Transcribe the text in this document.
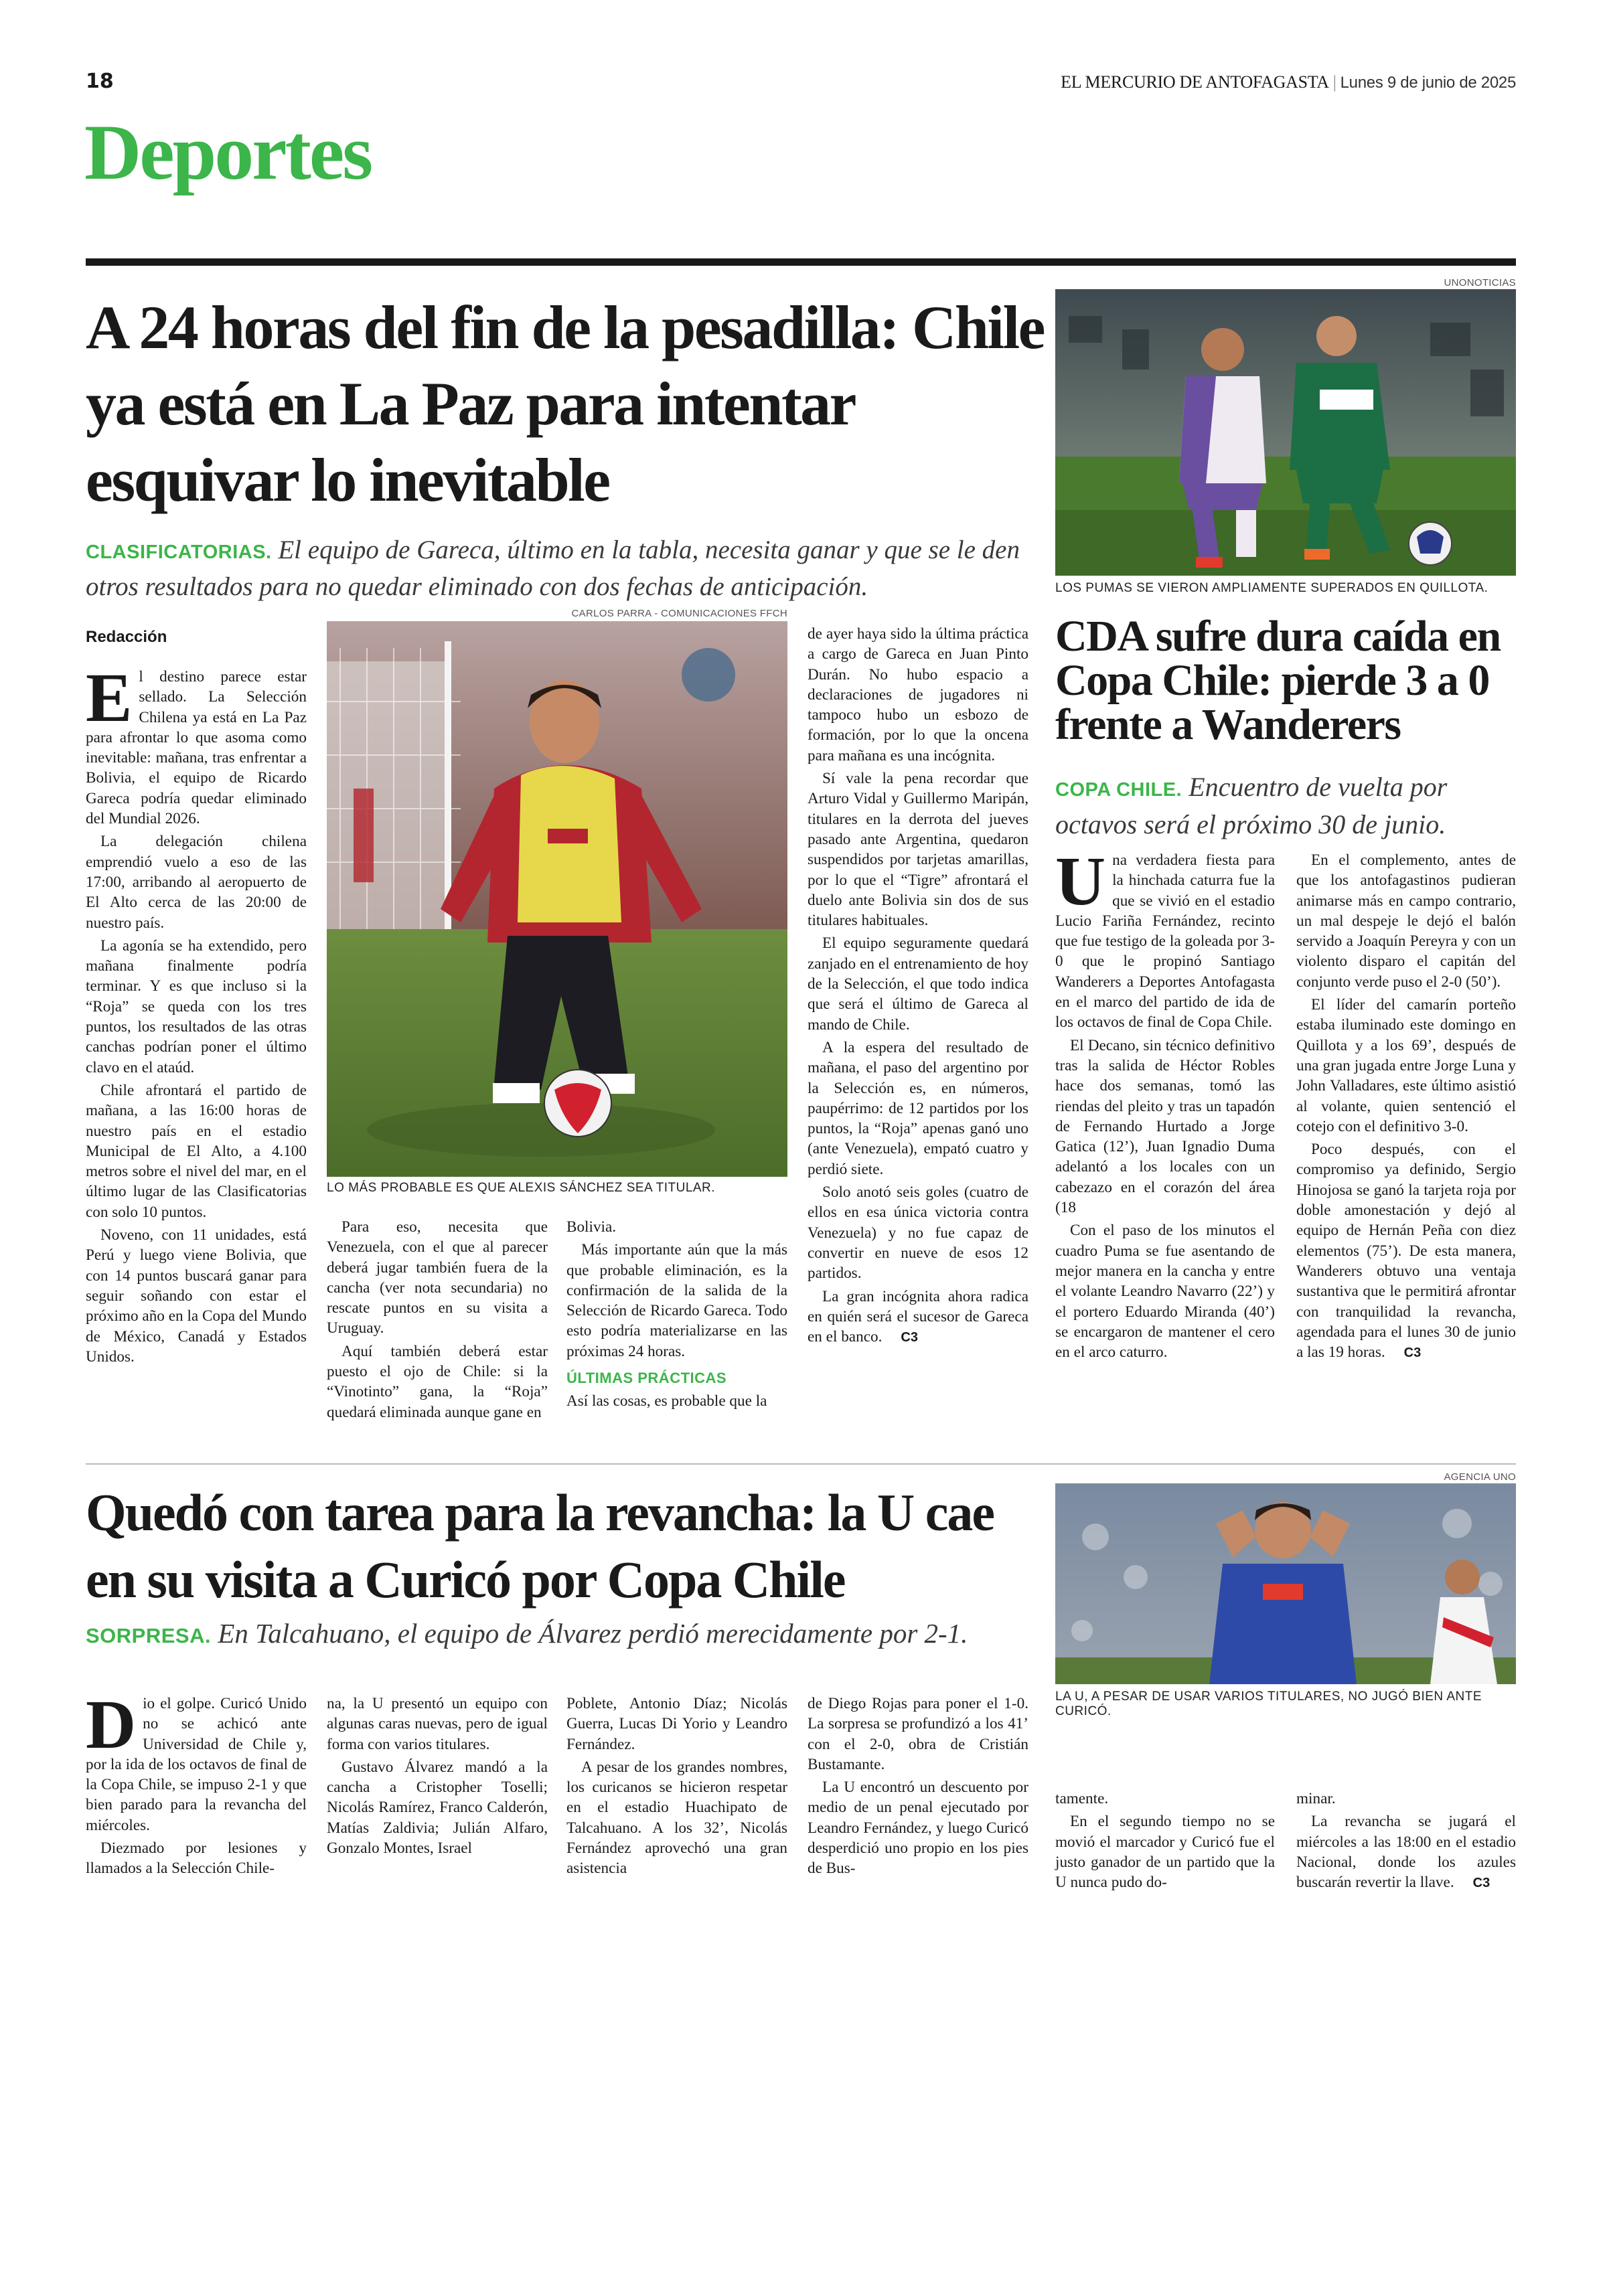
18	EL MERCURIO DE ANTOFAGASTA | Lunes 9 de junio de 2025
Deportes
A 24 horas del fin de la pesadilla: Chile ya está en La Paz para intentar esquivar lo inevitable
CLASIFICATORIAS. El equipo de Gareca, último en la tabla, necesita ganar y que se le den otros resultados para no quedar eliminado con dos fechas de anticipación.
Redacción
CARLOS PARRA - COMUNICACIONES FFCH
LO MÁS PROBABLE ES QUE ALEXIS SÁNCHEZ SEA TITULAR.
E l destino parece estar sellado. La Selección Chilena ya está en La Paz para afrontar lo que asoma como inevitable: mañana, tras enfrentar a Bolivia, el equipo de Ricardo Gareca podría quedar eliminado del Mundial 2026.

La delegación chilena emprendió vuelo a eso de las 17:00, arribando al aeropuerto de El Alto cerca de las 20:00 de nuestro país.

La agonía se ha extendido, pero mañana finalmente podría terminar. Y es que incluso si la “Roja” se queda con los tres puntos, los resultados de las otras canchas podrían poner el último clavo en el ataúd.

Chile afrontará el partido de mañana, a las 16:00 horas de nuestro país en el estadio Municipal de El Alto, a 4.100 metros sobre el nivel del mar, en el último lugar de las Clasificatorias con solo 10 puntos.

Noveno, con 11 unidades, está Perú y luego viene Bolivia, que con 14 puntos buscará ganar para seguir soñando con estar el próximo año en la Copa del Mundo de México, Canadá y Estados Unidos.

Para eso, necesita que Venezuela, con el que al parecer deberá jugar también fuera de la cancha (ver nota secundaria) no rescate puntos en su visita a Uruguay.

Aquí también deberá estar puesto el ojo de Chile: si la “Vinotinto” gana, la “Roja” quedará eliminada aunque gane en

Bolivia.

Más importante aún que la más que probable eliminación, es la confirmación de la salida de la Selección de Ricardo Gareca. Todo esto podría materializarse en las próximas 24 horas.

ÚLTIMAS PRÁCTICAS

Así las cosas, es probable que la

de ayer haya sido la última práctica a cargo de Gareca en Juan Pinto Durán. No hubo espacio a declaraciones de jugadores ni tampoco hubo un esbozo de formación, por lo que la oncena para mañana es una incógnita.

Sí vale la pena recordar que Arturo Vidal y Guillermo Maripán, titulares en la derrota del jueves pasado ante Argentina, quedaron suspendidos por tarjetas amarillas, por lo que el “Tigre” afrontará el duelo ante Bolivia sin dos de sus titulares habituales.

El equipo seguramente quedará zanjado en el entrenamiento de hoy de la Selección, el que todo indica que será el último de Gareca al mando de Chile.

A la espera del resultado de mañana, el paso del argentino por la Selección es, en números, paupérrimo: de 12 partidos por los puntos, la “Roja” apenas ganó uno (ante Venezuela), empató cuatro y perdió siete.

Solo anotó seis goles (cuatro de ellos en esa única victoria contra Venezuela) y no fue capaz de convertir en nueve de esos 12 partidos.

La gran incógnita ahora radica en quién será el sucesor de Gareca en el banco. C3

UNONOTICIAS
LOS PUMAS SE VIERON AMPLIAMENTE SUPERADOS EN QUILLOTA.
CDA sufre dura caída en Copa Chile: pierde 3 a 0 frente a Wanderers
COPA CHILE. Encuentro de vuelta por octavos será el próximo 30 de junio.
U na verdadera fiesta para la hinchada caturra fue la que se vivió en el estadio Lucio Fariña Fernández, recinto que fue testigo de la goleada por 3-0 que le propinó Santiago Wanderers a Deportes Antofagasta en el marco del partido de ida de los octavos de final de Copa Chile.

El Decano, sin técnico definitivo tras la salida de Héctor Robles hace dos semanas, tomó las riendas del pleito y tras un tapadón de Fernando Hurtado a Jorge Gatica (12’), Juan Ignadio Duma adelantó a los locales con un cabezazo en el corazón del área (18

Con el paso de los minutos el cuadro Puma se fue asentando de mejor manera en la cancha y entre el volante Leandro Navarro (22’) y el portero Eduardo Miranda (40’) se encargaron de mantener el cero en el arco caturro.

En el complemento, antes de que los antofagastinos pudieran animarse más en campo contrario, un mal despeje le dejó el balón servido a Joaquín Pereyra y con un violento disparo el capitán del conjunto verde puso el 2-0 (50’).

El líder del camarín porteño estaba iluminado este domingo en Quillota y a los 69’, después de una gran jugada entre Jorge Luna y John Valladares, este último asistió al volante, quien sentenció el cotejo con el definitivo 3-0.

Poco después, con el compromiso ya definido, Sergio Hinojosa se ganó la tarjeta roja por doble amonestación y dejó al equipo de Hernán Peña con diez elementos (75’). De esta manera, Wanderers obtuvo una ventaja sustantiva que le permitirá afrontar con tranquilidad la revancha, agendada para el lunes 30 de junio a las 19 horas. C3

Quedó con tarea para la revancha: la U cae en su visita a Curicó por Copa Chile
SORPRESA. En Talcahuano, el equipo de Álvarez perdió merecidamente por 2-1.
AGENCIA UNO
LA U, A PESAR DE USAR VARIOS TITULARES, NO JUGÓ BIEN ANTE CURICÓ.
D io el golpe. Curicó Unido no se achicó ante Universidad de Chile y, por la ida de los octavos de final de la Copa Chile, se impuso 2-1 y que bien parado para la revancha del miércoles.

Diezmado por lesiones y llamados a la Selección Chile-

na, la U presentó un equipo con algunas caras nuevas, pero de igual forma con varios titulares.

Gustavo Álvarez mandó a la cancha a Cristopher Toselli; Nicolás Ramírez, Franco Calderón, Matías Zaldivia; Julián Alfaro, Gonzalo Montes, Israel

Poblete, Antonio Díaz; Nicolás Guerra, Lucas Di Yorio y Leandro Fernández.

A pesar de los grandes nombres, los curicanos se hicieron respetar en el estadio Huachipato de Talcahuano. A los 32’, Nicolás Fernández aprovechó una gran asistencia

de Diego Rojas para poner el 1-0. La sorpresa se profundizó a los 41’ con el 2-0, obra de Cristián Bustamante.

La U encontró un descuento por medio de un penal ejecutado por Leandro Fernández, y luego Curicó desperdició uno propio en los pies de Bus-

tamente.

En el segundo tiempo no se movió el marcador y Curicó fue el justo ganador de un partido que la U nunca pudo do-

minar.

La revancha se jugará el miércoles a las 18:00 en el estadio Nacional, donde los azules buscarán revertir la llave. C3
